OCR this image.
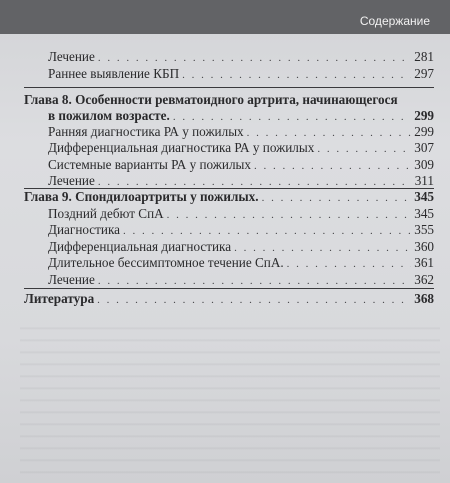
Содержание
Лечение . . .	281
Раннее выявление КБП . . .	297
Глава 8. Особенности ревматоидного артрита, начинающегося
в пожилом возрасте. . . .	299
Ранняя диагностика РА у пожилых . . .	299
Дифференциальная диагностика РА у пожилых . . .	307
Системные варианты РА у пожилых . . .	309
Лечение . . .	311
Глава 9. Спондилоартриты у пожилых. . . .	345
Поздний дебют СпА . . .	345
Диагностика . . .	355
Дифференциальная диагностика . . .	360
Длительное бессимптомное течение СпА. . . .	361
Лечение . . .	362
Литература . . .	368
